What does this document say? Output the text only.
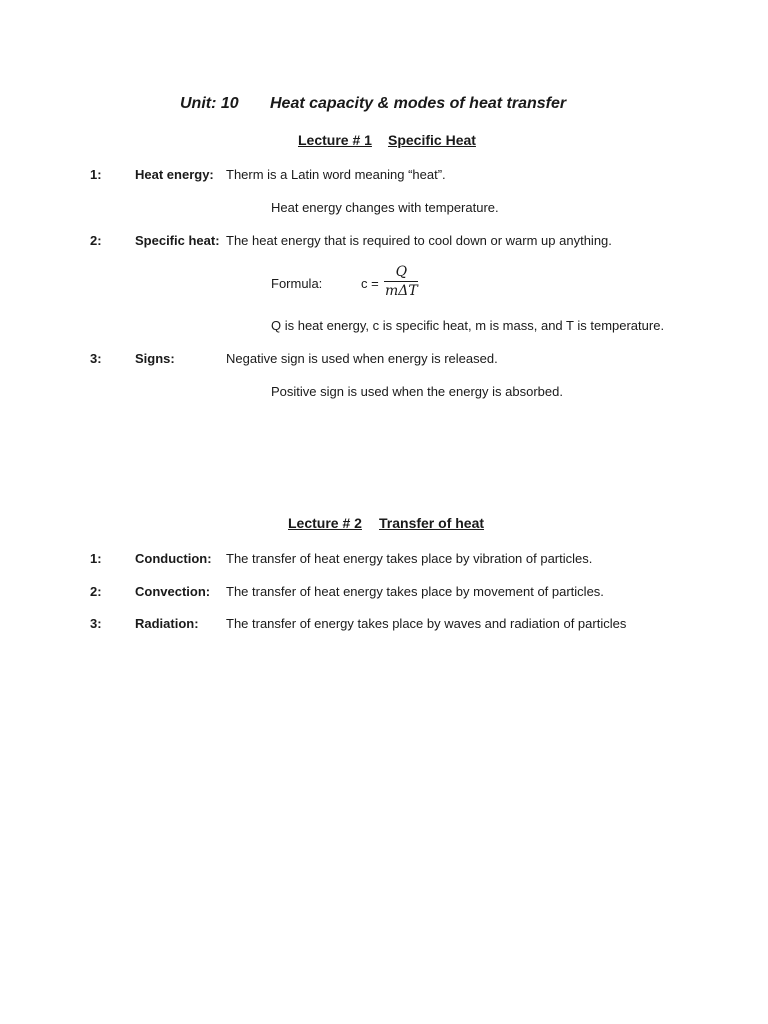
Unit: 10 Heat capacity & modes of heat transfer
Lecture # 1 Specific Heat
1:	Heat energy: Therm is a Latin word meaning “heat”.
Heat energy changes with temperature.
2:	Specific heat: The heat energy that is required to cool down or warm up anything.
Formula:	c =
Q
mΔT
Q is heat energy, c is specific heat, m is mass, and T is temperature.
3:	Signs:	Negative sign is used when energy is released.
Positive sign is used when the energy is absorbed.
Lecture # 2 Transfer of heat
1:	Conduction: The transfer of heat energy takes place by vibration of particles.
2:	Convection: The transfer of heat energy takes place by movement of particles.
3:	Radiation: The transfer of energy takes place by waves and radiation of particles
